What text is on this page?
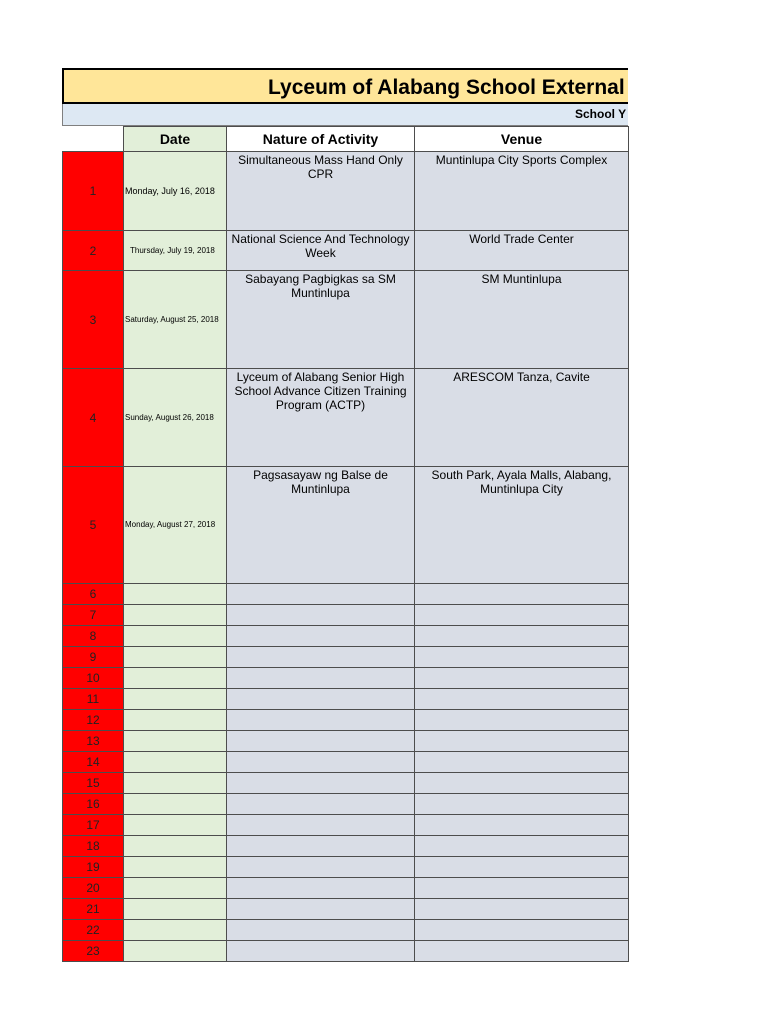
Lyceum of Alabang School External
School Y
	Date	Nature of Activity	Venue
1	Monday, July 16, 2018	Simultaneous Mass Hand Only CPR	Muntinlupa City Sports Complex
2	Thursday, July 19, 2018	National Science And Technology Week	World Trade Center
3	Saturday, August 25, 2018	Sabayang Pagbigkas sa SM Muntinlupa	SM Muntinlupa
4	Sunday, August 26, 2018	Lyceum of Alabang Senior High School Advance Citizen Training Program (ACTP)	ARESCOM Tanza, Cavite
5	Monday, August 27, 2018	Pagsasayaw ng Balse de Muntinlupa	South Park, Ayala Malls, Alabang, Muntinlupa City
6			
7			
8			
9			
10			
11			
12			
13			
14			
15			
16			
17			
18			
19			
20			
21			
22			
23			
